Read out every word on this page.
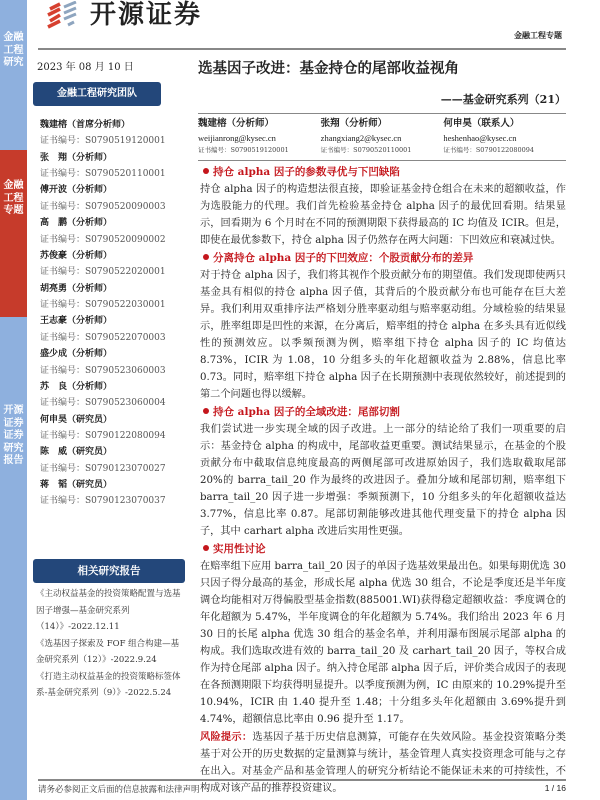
金融工程研究
金融工程专题
开源证券 证券研究报告
开源证券
金融工程专题
2023 年 08 月 10 日	选基因子改进：基金持仓的尾部收益视角
金融工程研究团队	——基金研究系列（21）
魏建榕（首席分析师）
证书编号：S0790519120001
张　翔（分析师）
证书编号：S0790520110001
傅开波（分析师）
证书编号：S0790520090003
高　鹏（分析师）
证书编号：S0790520090002
苏俊豪（分析师）
证书编号：S0790522020001
胡亮勇（分析师）
证书编号：S0790522030001
王志豪（分析师）
证书编号：S0790522070003
盛少成（分析师）
证书编号：S0790523060003
苏　良（分析师）
证书编号：S0790523060004
何申昊（研究员）
证书编号：S0790122080094
陈　威（研究员）
证书编号：S0790123070027
蒋　韬（研究员）
证书编号：S0790123070037
相关研究报告
《主动权益基金的投资策略配置与选基因子增强—基金研究系列（14）》-2022.12.11
《选基因子探索及 FOF 组合构建—基金研究系列（12）》-2022.9.24
《打造主动权益基金的投资策略标签体系-基金研究系列（9）》-2022.5.24
魏建榕（分析师）
weijianrong@kysec.cn
证书编号：S0790519120001
张翔（分析师）
zhangxiang2@kysec.cn
证书编号：S0790520110001
何申昊（联系人）
heshenhao@kysec.cn
证书编号：S0790122080094
持仓 alpha 因子的参数寻优与下凹缺陷
持仓 alpha 因子的构造想法很直接，即验证基金持仓组合在未来的超额收益，作为选股能力的代理。我们首先检验基金持仓 alpha 因子的最优回看期。结果显示，回看期为 6 个月时在不同的预测期限下获得最高的 IC 均值及 ICIR。但是，即使在最优参数下，持仓 alpha 因子仍然存在两大问题：下凹效应和衰减过快。
分离持仓 alpha 因子的下凹效应：个股贡献分布的差异
对于持仓 alpha 因子，我们将其视作个股贡献分布的期望值。我们发现即使两只基金具有相似的持仓 alpha 因子值，其背后的个股贡献分布也可能存在巨大差异。我们利用双重排序法严格划分胜率驱动组与赔率驱动组。分域检验的结果显示，胜率组即是凹性的来源，在分离后，赔率组的持仓 alpha 在多头具有近似线性的预测效应。以季频预测为例，赔率组下持仓 alpha 因子的 IC 均值达 8.73%，ICIR 为 1.08，10 分组多头的年化超额收益为 2.88%，信息比率 0.73。同时，赔率组下持仓 alpha 因子在长期预测中表现依然较好，前述提到的第二个问题也得以缓解。
持仓 alpha 因子的全域改进：尾部切割
我们尝试进一步实现全域的因子改进。上一部分的结论给了我们一项重要的启示：基金持仓 alpha 的构成中，尾部收益更重要。测试结果显示，在基金的个股贡献分布中截取信息纯度最高的两侧尾部可改进原始因子，我们选取截取尾部 20%的 barra_tail_20 作为最终的改进因子。叠加分域和尾部切割，赔率组下 barra_tail_20 因子进一步增强：季频预测下，10 分组多头的年化超额收益达 3.77%，信息比率 0.87。尾部切割能够改进其他代理变量下的持仓 alpha 因子，其中 carhart alpha 改进后实用性更强。
实用性讨论
在赔率组下应用 barra_tail_20 因子的单因子选基效果最出色。如果每期优选 30 只因子得分最高的基金，形成长尾 alpha 优选 30 组合，不论是季度还是半年度调仓均能相对万得偏股型基金指数(885001.WI)获得稳定超额收益：季度调仓的年化超额为 5.47%，半年度调仓的年化超额为 5.74%。我们给出 2023 年 6 月 30 日的长尾 alpha 优选 30 组合的基金名单，并利用瀑布图展示尾部 alpha 的构成。我们选取改进有效的 barra_tail_20 及 carhart_tail_20 因子，等权合成作为持仓尾部 alpha 因子。纳入持仓尾部 alpha 因子后，评价类合成因子的表现在各预测期限下均获得明显提升。以季度预测为例，IC 由原来的 10.29%提升至 10.94%，ICIR 由 1.40 提升至 1.48；十分组多头年化超额由 3.69%提升到 4.74%，超额信息比率由 0.96 提升至 1.17。
风险提示：选基因子基于历史信息测算，可能存在失效风险。基金投资策略分类基于对公开的历史数据的定量测算与统计，基金管理人真实投资理念可能与之存在出入。对基金产品和基金管理人的研究分析结论不能保证未来的可持续性，不构成对该产品的推荐投资建议。
请务必参阅正文后面的信息披露和法律声明	1 / 16
